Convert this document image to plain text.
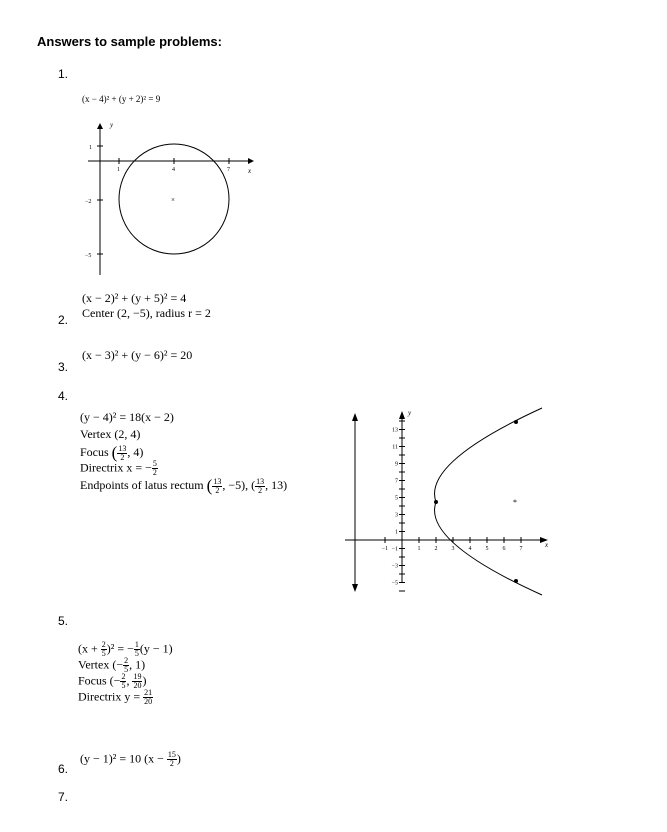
Answers to sample problems:
1.
(x − 4)² + (y + 2)² = 9
y
x
1
−2
−5
1	4	7
×
2.
(x − 2)² + (y + 5)² = 4
Center (2, −5), radius r = 2
3.
(x − 3)² + (y − 6)² = 20
4.
(y − 4)² = 18(x − 2)
Vertex (2, 4)
Focus ( $\frac{13}{2}$ , 4)
Directrix x = − $\frac{5}{2}$
Endpoints of latus rectum ( $\frac{13}{2}$ , −5), ( $\frac{13}{2}$ , 13)
y
x
13
11
9
7
5
3
1
−1
−3
−5
−1	1 2 3 4 5 6 7
*
5.
$(x + \frac{2}{5} )^2$ = − $\frac{1}{5} (y - 1)$
Vertex (− $\frac{2}{5}$ , 1)
Focus (− $\frac{2}{5}$ , $\frac{19}{20}$ )
Directrix $y = \frac{21}{20}$
6.
(y − 1)² = 10 ($x - \frac{15}{2}$ )
7.
